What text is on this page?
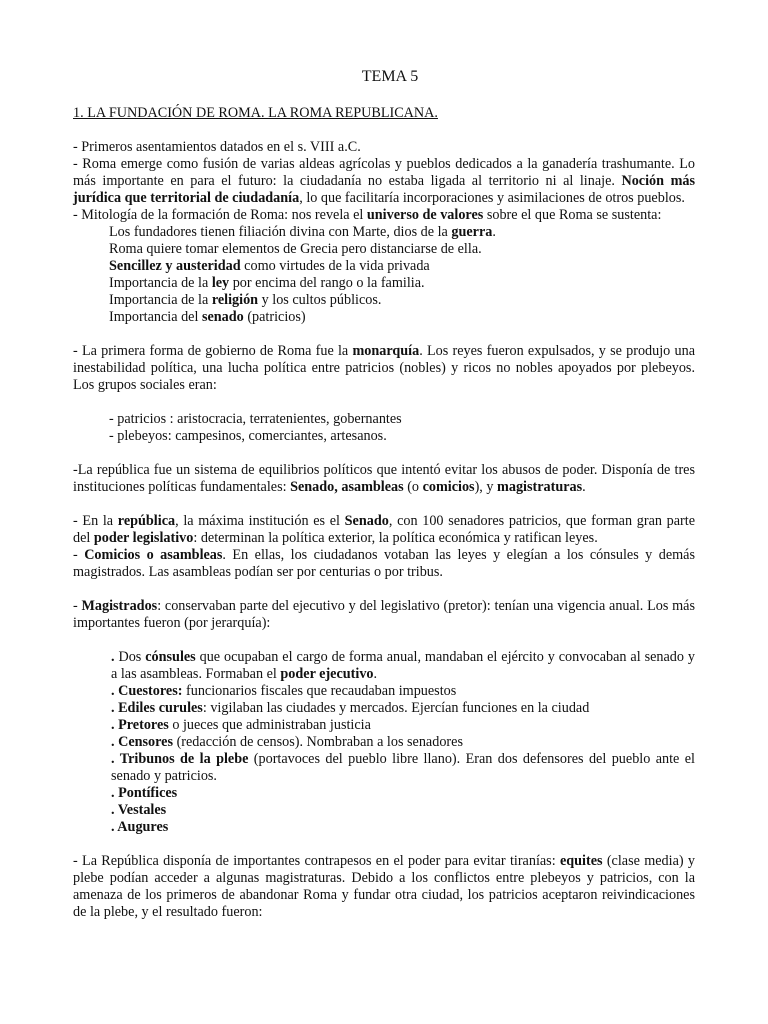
TEMA 5

1. LA FUNDACIÓN DE ROMA. LA ROMA REPUBLICANA.

- Primeros asentamientos datados en el s. VIII a.C.

- Roma emerge como fusión de varias aldeas agrícolas y pueblos dedicados a la ganadería trashumante. Lo más importante en para el futuro: la ciudadanía no estaba ligada al territorio ni al linaje. Noción más jurídica que territorial de ciudadanía, lo que facilitaría incorporaciones y asimilaciones de otros pueblos.

- Mitología de la formación de Roma: nos revela el universo de valores sobre el que Roma se sustenta:

Los fundadores tienen filiación divina con Marte, dios de la guerra.

Roma quiere tomar elementos de Grecia pero distanciarse de ella.

Sencillez y austeridad como virtudes de la vida privada

Importancia de la ley por encima del rango o la familia.

Importancia de la religión y los cultos públicos.

Importancia del senado (patricios)

- La primera forma de gobierno de Roma fue la monarquía. Los reyes fueron expulsados, y se produjo una inestabilidad política, una lucha política entre patricios (nobles) y ricos no nobles apoyados por plebeyos. Los grupos sociales eran:

- patricios : aristocracia, terratenientes, gobernantes

- plebeyos: campesinos, comerciantes, artesanos.

-La república fue un sistema de equilibrios políticos que intentó evitar los abusos de poder. Disponía de tres instituciones políticas fundamentales: Senado, asambleas (o comicios), y magistraturas.

- En la república, la máxima institución es el Senado, con 100 senadores patricios, que forman gran parte del poder legislativo: determinan la política exterior, la política económica y ratifican leyes.

- Comicios o asambleas. En ellas, los ciudadanos votaban las leyes y elegían a los cónsules y demás magistrados. Las asambleas podían ser por centurias o por tribus.

- Magistrados: conservaban parte del ejecutivo y del legislativo (pretor): tenían una vigencia anual. Los más importantes fueron (por jerarquía):

. Dos cónsules que ocupaban el cargo de forma anual, mandaban el ejército y convocaban al senado y a las asambleas. Formaban el poder ejecutivo.

. Cuestores: funcionarios fiscales que recaudaban impuestos

. Ediles curules: vigilaban las ciudades y mercados. Ejercían funciones en la ciudad

. Pretores o jueces que administraban justicia

. Censores (redacción de censos). Nombraban a los senadores

. Tribunos de la plebe (portavoces del pueblo libre llano). Eran dos defensores del pueblo ante el senado y patricios.

. Pontífices

. Vestales

. Augures

- La República disponía de importantes contrapesos en el poder para evitar tiranías: equites (clase media) y plebe podían acceder a algunas magistraturas. Debido a los conflictos entre plebeyos y patricios, con la amenaza de los primeros de abandonar Roma y fundar otra ciudad, los patricios aceptaron reivindicaciones de la plebe, y el resultado fueron:
